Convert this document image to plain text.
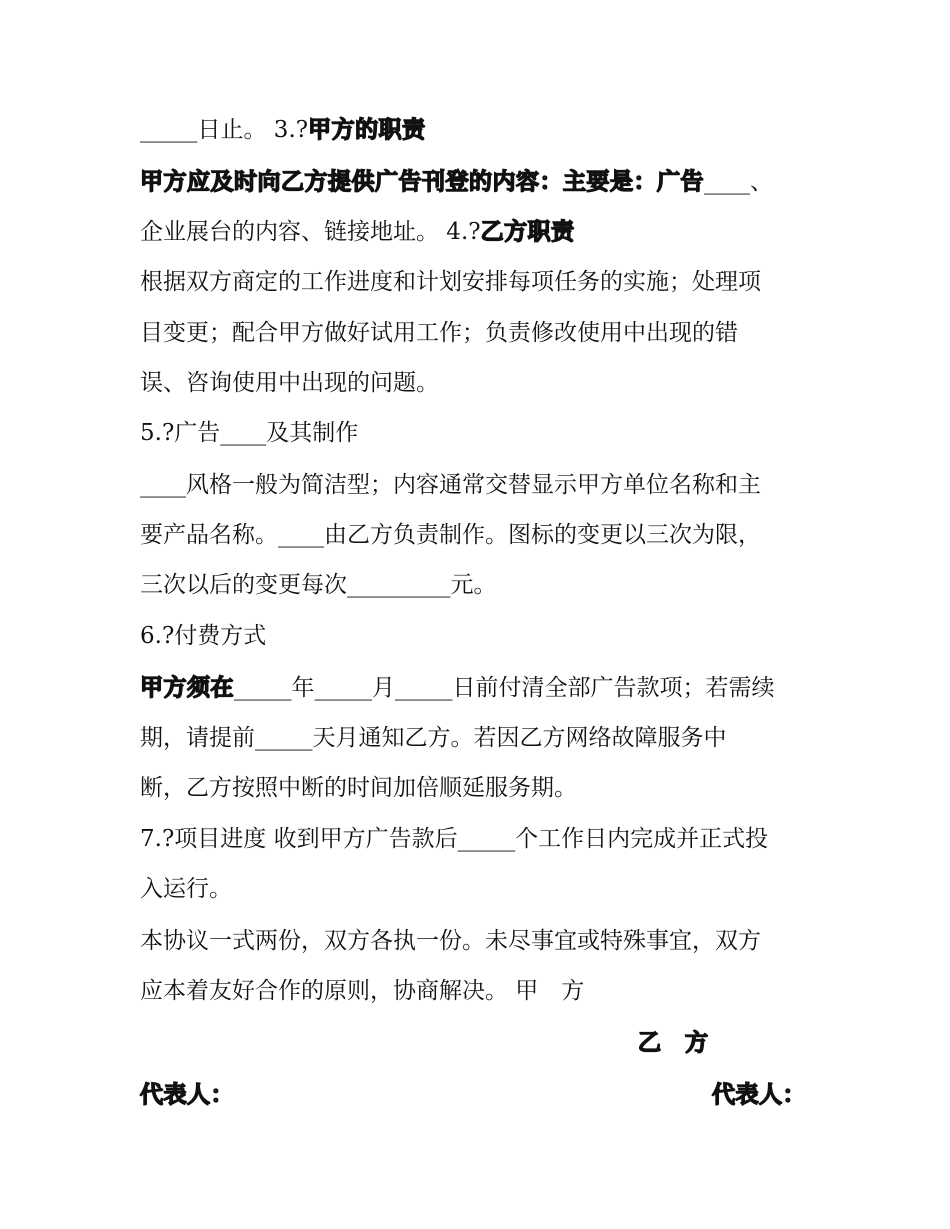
_____日止。 3.?甲方的职责
甲方应及时向乙方提供广告刊登的内容：主要是：广告____、
企业展台的内容、链接地址。 4.?乙方职责
根据双方商定的工作进度和计划安排每项任务的实施；处理项
目变更；配合甲方做好试用工作；负责修改使用中出现的错
误、咨询使用中出现的问题。
5.?广告____及其制作
____风格一般为简洁型；内容通常交替显示甲方单位名称和主
要产品名称。____由乙方负责制作。图标的变更以三次为限，
三次以后的变更每次_________元。
6.?付费方式
甲方须在_____年_____月_____日前付清全部广告款项；若需续
期，请提前_____天月通知乙方。若因乙方网络故障服务中
断，乙方按照中断的时间加倍顺延服务期。
7.?项目进度 收到甲方广告款后_____个工作日内完成并正式投
入运行。
本协议一式两份，双方各执一份。未尽事宜或特殊事宜，双方
应本着友好合作的原则，协商解决。 甲　方
乙　方
代表人：	代表人：
